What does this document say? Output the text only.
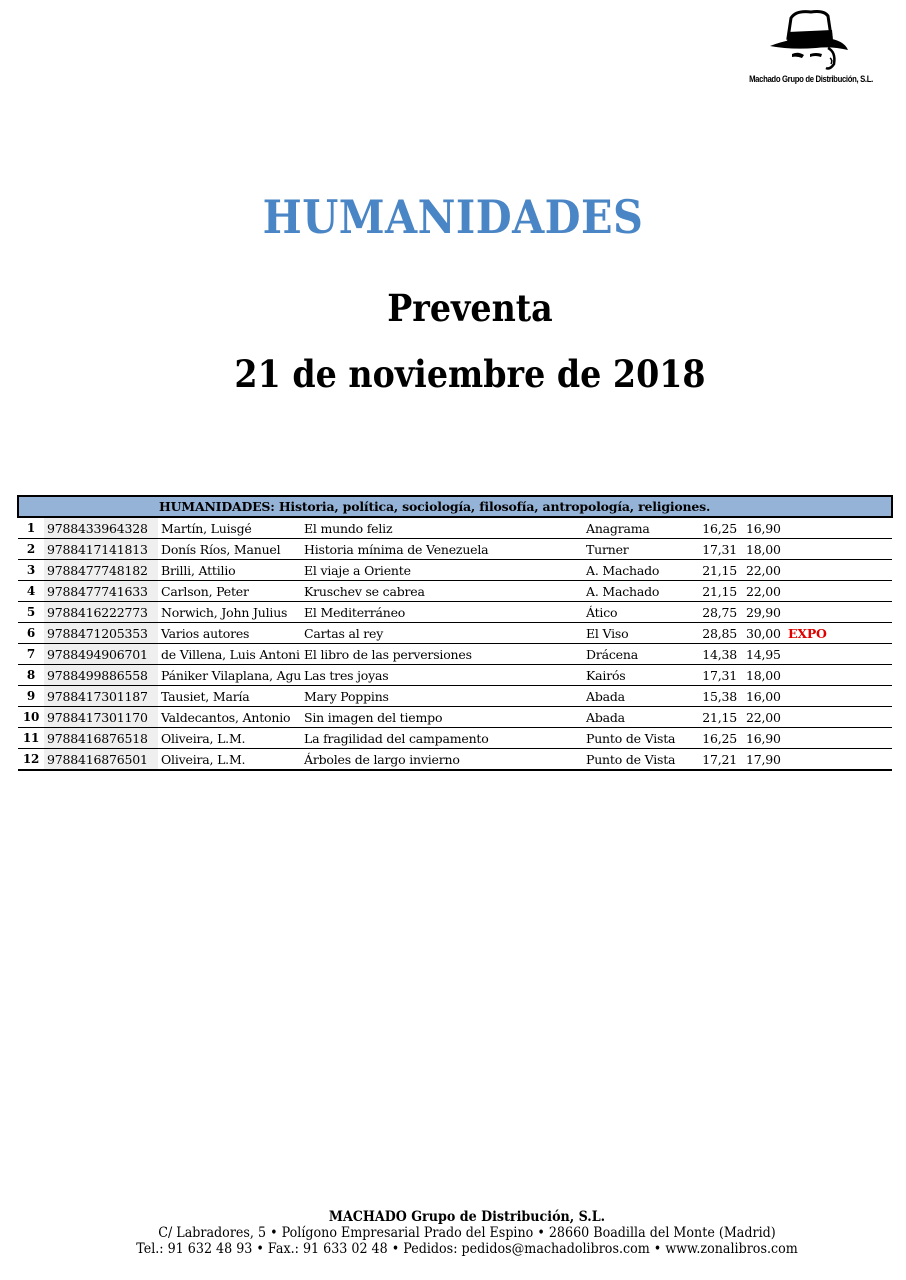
Machado Grupo de Distribución, S.L.
HUMANIDADES
Preventa
21 de noviembre de 2018
HUMANIDADES: Historia, política, sociología, filosofía, antropología, religiones.							
1	9788433964328	Martín, Luisgé	El mundo feliz	Anagrama	16,25	16,90	
2	9788417141813	Donís Ríos, Manuel	Historia mínima de Venezuela	Turner	17,31	18,00	
3	9788477748182	Brilli, Attilio	El viaje a Oriente	A. Machado	21,15	22,00	
4	9788477741633	Carlson, Peter	Kruschev se cabrea	A. Machado	21,15	22,00	
5	9788416222773	Norwich, John Julius	El Mediterráneo	Ático	28,75	29,90	
6	9788471205353	Varios autores	Cartas al rey	El Viso	28,85	30,00	EXPO
7	9788494906701	de Villena, Luis Antoni	El libro de las perversiones	Drácena	14,38	14,95	
8	9788499886558	Pániker Vilaplana, Agu	Las tres joyas	Kairós	17,31	18,00	
9	9788417301187	Tausiet, María	Mary Poppins	Abada	15,38	16,00	
10	9788417301170	Valdecantos, Antonio	Sin imagen del tiempo	Abada	21,15	22,00	
11	9788416876518	Oliveira, L.M.	La fragilidad del campamento	Punto de Vista	16,25	16,90	
12	9788416876501	Oliveira, L.M.	Árboles de largo invierno	Punto de Vista	17,21	17,90	
MACHADO Grupo de Distribución, S.L.
C/ Labradores, 5 • Polígono Empresarial Prado del Espino • 28660 Boadilla del Monte (Madrid)
Tel.: 91 632 48 93 • Fax.: 91 633 02 48 • Pedidos: pedidos@machadolibros.com • www.zonalibros.com
